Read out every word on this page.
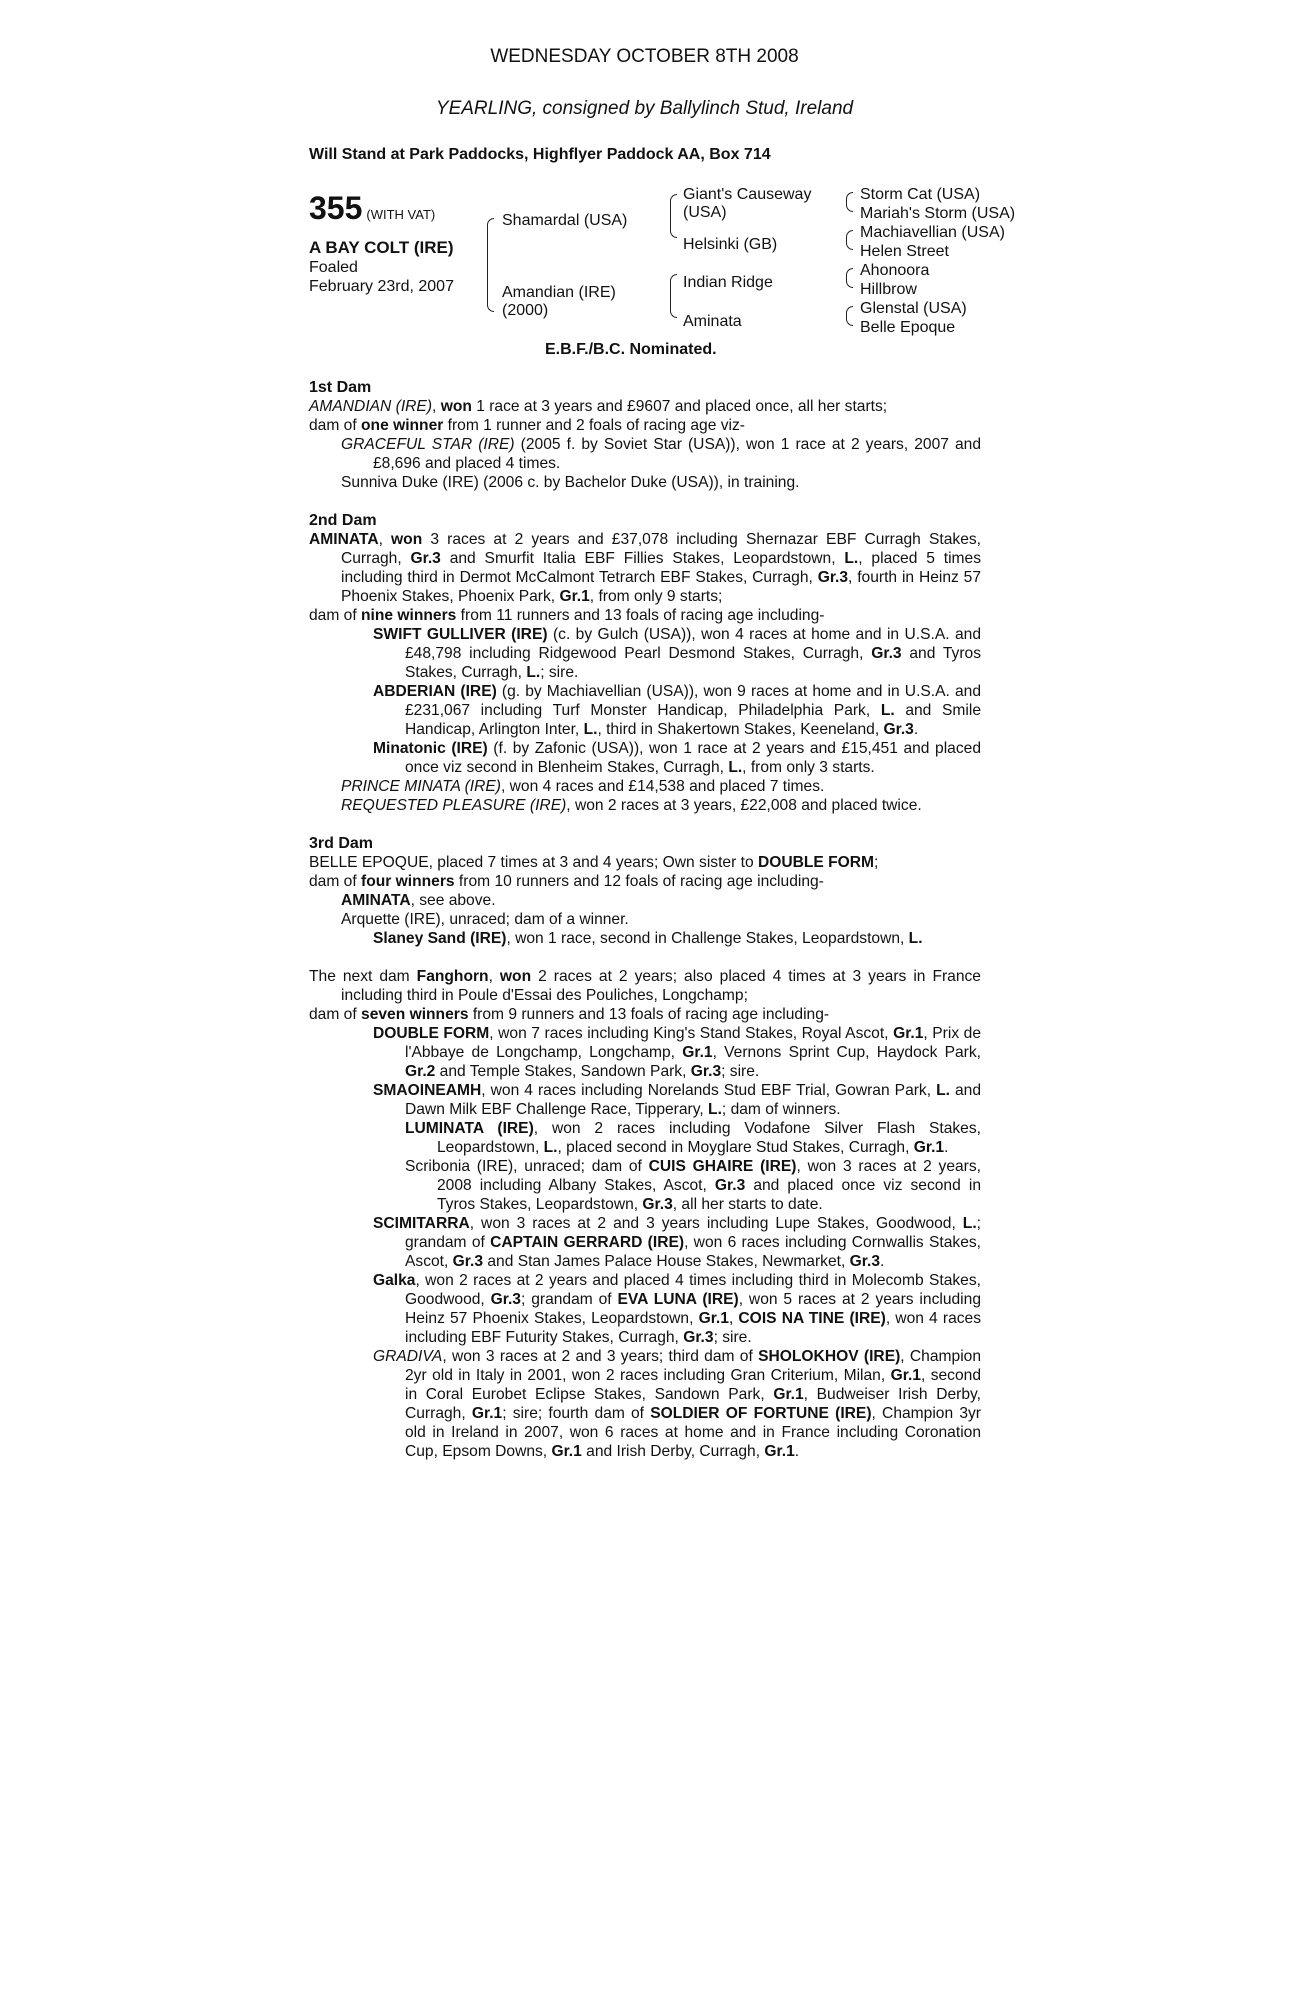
WEDNESDAY OCTOBER 8TH 2008
YEARLING, consigned by Ballylinch Stud, Ireland
Will Stand at Park Paddocks, Highflyer Paddock AA, Box 714
355 (WITH VAT)
A BAY COLT (IRE)
Foaled
February 23rd, 2007
Shamardal (USA)
Amandian (IRE)
(2000)
Giant's Causeway
(USA)
Helsinki (GB)
Indian Ridge
Aminata
Storm Cat (USA)
Mariah's Storm (USA)
Machiavellian (USA)
Helen Street
Ahonoora
Hillbrow
Glenstal (USA)
Belle Epoque
E.B.F./B.C. Nominated.
1st Dam
AMANDIAN (IRE), won 1 race at 3 years and £9607 and placed once, all her starts;
dam of one winner from 1 runner and 2 foals of racing age viz-
GRACEFUL STAR (IRE) (2005 f. by Soviet Star (USA)), won 1 race at 2 years, 2007 and £8,696 and placed 4 times.
Sunniva Duke (IRE) (2006 c. by Bachelor Duke (USA)), in training.
2nd Dam
AMINATA, won 3 races at 2 years and £37,078 including Shernazar EBF Curragh Stakes, Curragh, Gr.3 and Smurfit Italia EBF Fillies Stakes, Leopardstown, L., placed 5 times including third in Dermot McCalmont Tetrarch EBF Stakes, Curragh, Gr.3, fourth in Heinz 57 Phoenix Stakes, Phoenix Park, Gr.1, from only 9 starts;
dam of nine winners from 11 runners and 13 foals of racing age including-
SWIFT GULLIVER (IRE) (c. by Gulch (USA)), won 4 races at home and in U.S.A. and £48,798 including Ridgewood Pearl Desmond Stakes, Curragh, Gr.3 and Tyros Stakes, Curragh, L.; sire.
ABDERIAN (IRE) (g. by Machiavellian (USA)), won 9 races at home and in U.S.A. and £231,067 including Turf Monster Handicap, Philadelphia Park, L. and Smile Handicap, Arlington Inter, L., third in Shakertown Stakes, Keeneland, Gr.3.
Minatonic (IRE) (f. by Zafonic (USA)), won 1 race at 2 years and £15,451 and placed once viz second in Blenheim Stakes, Curragh, L., from only 3 starts.
PRINCE MINATA (IRE), won 4 races and £14,538 and placed 7 times.
REQUESTED PLEASURE (IRE), won 2 races at 3 years, £22,008 and placed twice.
3rd Dam
BELLE EPOQUE, placed 7 times at 3 and 4 years; Own sister to DOUBLE FORM;
dam of four winners from 10 runners and 12 foals of racing age including-
AMINATA, see above.
Arquette (IRE), unraced; dam of a winner.
Slaney Sand (IRE), won 1 race, second in Challenge Stakes, Leopardstown, L.
The next dam Fanghorn, won 2 races at 2 years; also placed 4 times at 3 years in France including third in Poule d'Essai des Pouliches, Longchamp;
dam of seven winners from 9 runners and 13 foals of racing age including-
DOUBLE FORM, won 7 races including King's Stand Stakes, Royal Ascot, Gr.1, Prix de l'Abbaye de Longchamp, Longchamp, Gr.1, Vernons Sprint Cup, Haydock Park, Gr.2 and Temple Stakes, Sandown Park, Gr.3; sire.
SMAOINEAMH, won 4 races including Norelands Stud EBF Trial, Gowran Park, L. and Dawn Milk EBF Challenge Race, Tipperary, L.; dam of winners.
LUMINATA (IRE), won 2 races including Vodafone Silver Flash Stakes, Leopardstown, L., placed second in Moyglare Stud Stakes, Curragh, Gr.1.
Scribonia (IRE), unraced; dam of CUIS GHAIRE (IRE), won 3 races at 2 years, 2008 including Albany Stakes, Ascot, Gr.3 and placed once viz second in Tyros Stakes, Leopardstown, Gr.3, all her starts to date.
SCIMITARRA, won 3 races at 2 and 3 years including Lupe Stakes, Goodwood, L.; grandam of CAPTAIN GERRARD (IRE), won 6 races including Cornwallis Stakes, Ascot, Gr.3 and Stan James Palace House Stakes, Newmarket, Gr.3.
Galka, won 2 races at 2 years and placed 4 times including third in Molecomb Stakes, Goodwood, Gr.3; grandam of EVA LUNA (IRE), won 5 races at 2 years including Heinz 57 Phoenix Stakes, Leopardstown, Gr.1, COIS NA TINE (IRE), won 4 races including EBF Futurity Stakes, Curragh, Gr.3; sire.
GRADIVA, won 3 races at 2 and 3 years; third dam of SHOLOKHOV (IRE), Champion 2yr old in Italy in 2001, won 2 races including Gran Criterium, Milan, Gr.1, second in Coral Eurobet Eclipse Stakes, Sandown Park, Gr.1, Budweiser Irish Derby, Curragh, Gr.1; sire; fourth dam of SOLDIER OF FORTUNE (IRE), Champion 3yr old in Ireland in 2007, won 6 races at home and in France including Coronation Cup, Epsom Downs, Gr.1 and Irish Derby, Curragh, Gr.1.
